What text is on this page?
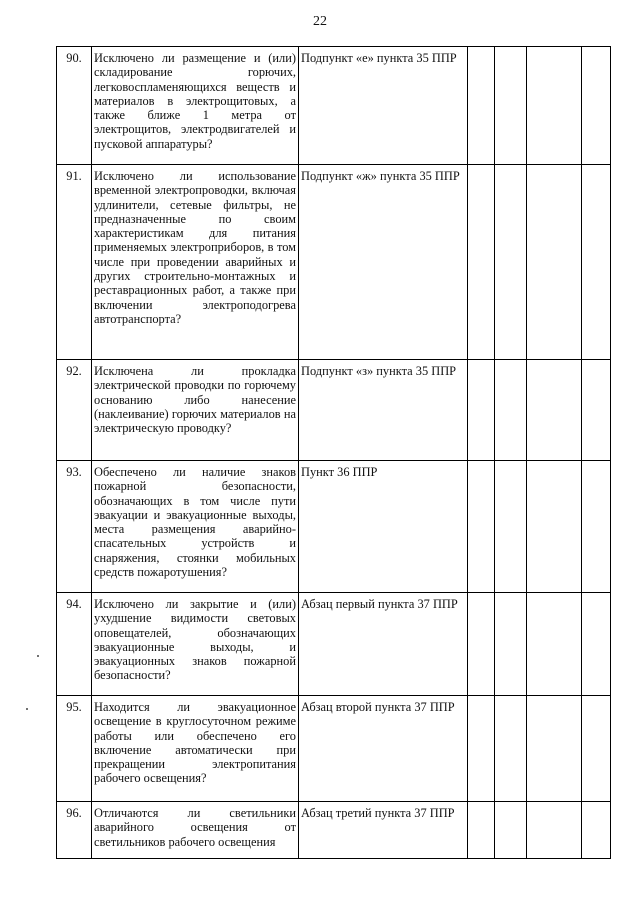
22
90.	Исключено ли размещение и (или) складирование горючих, легковоспламеняющихся веществ и материалов в электрощитовых, а также ближе 1 метра от электрощитов, электродвигателей и пусковой аппаратуры?	Подпункт «е» пункта 35 ППР				
91.	Исключено ли использование временной электропроводки, включая удлинители, сетевые фильтры, не предназначенные по своим характеристикам для питания применяемых электроприборов, в том числе при проведении аварийных и других строительно-монтажных и реставрационных работ, а также при включении электроподогрева автотранспорта?	Подпункт «ж» пункта 35 ППР				
92.	Исключена ли прокладка электрической проводки по горючему основанию либо нанесение (наклеивание) горючих материалов на электрическую проводку?	Подпункт «з» пункта 35 ППР				
93.	Обеспечено ли наличие знаков пожарной безопасности, обозначающих в том числе пути эвакуации и эвакуационные выходы, места размещения аварийно-спасательных устройств и снаряжения, стоянки мобильных средств пожаротушения?	Пункт 36 ППР				
94.	Исключено ли закрытие и (или) ухудшение видимости световых оповещателей, обозначающих эвакуационные выходы, и эвакуационных знаков пожарной безопасности?	Абзац первый пункта 37 ППР				
95.	Находится ли эвакуационное освещение в круглосуточном режиме работы или обеспечено его включение автоматически при прекращении электропитания рабочего освещения?	Абзац второй пункта 37 ППР				
96.	Отличаются ли светильники аварийного освещения от светильников рабочего освещения	Абзац третий пункта 37 ППР				
